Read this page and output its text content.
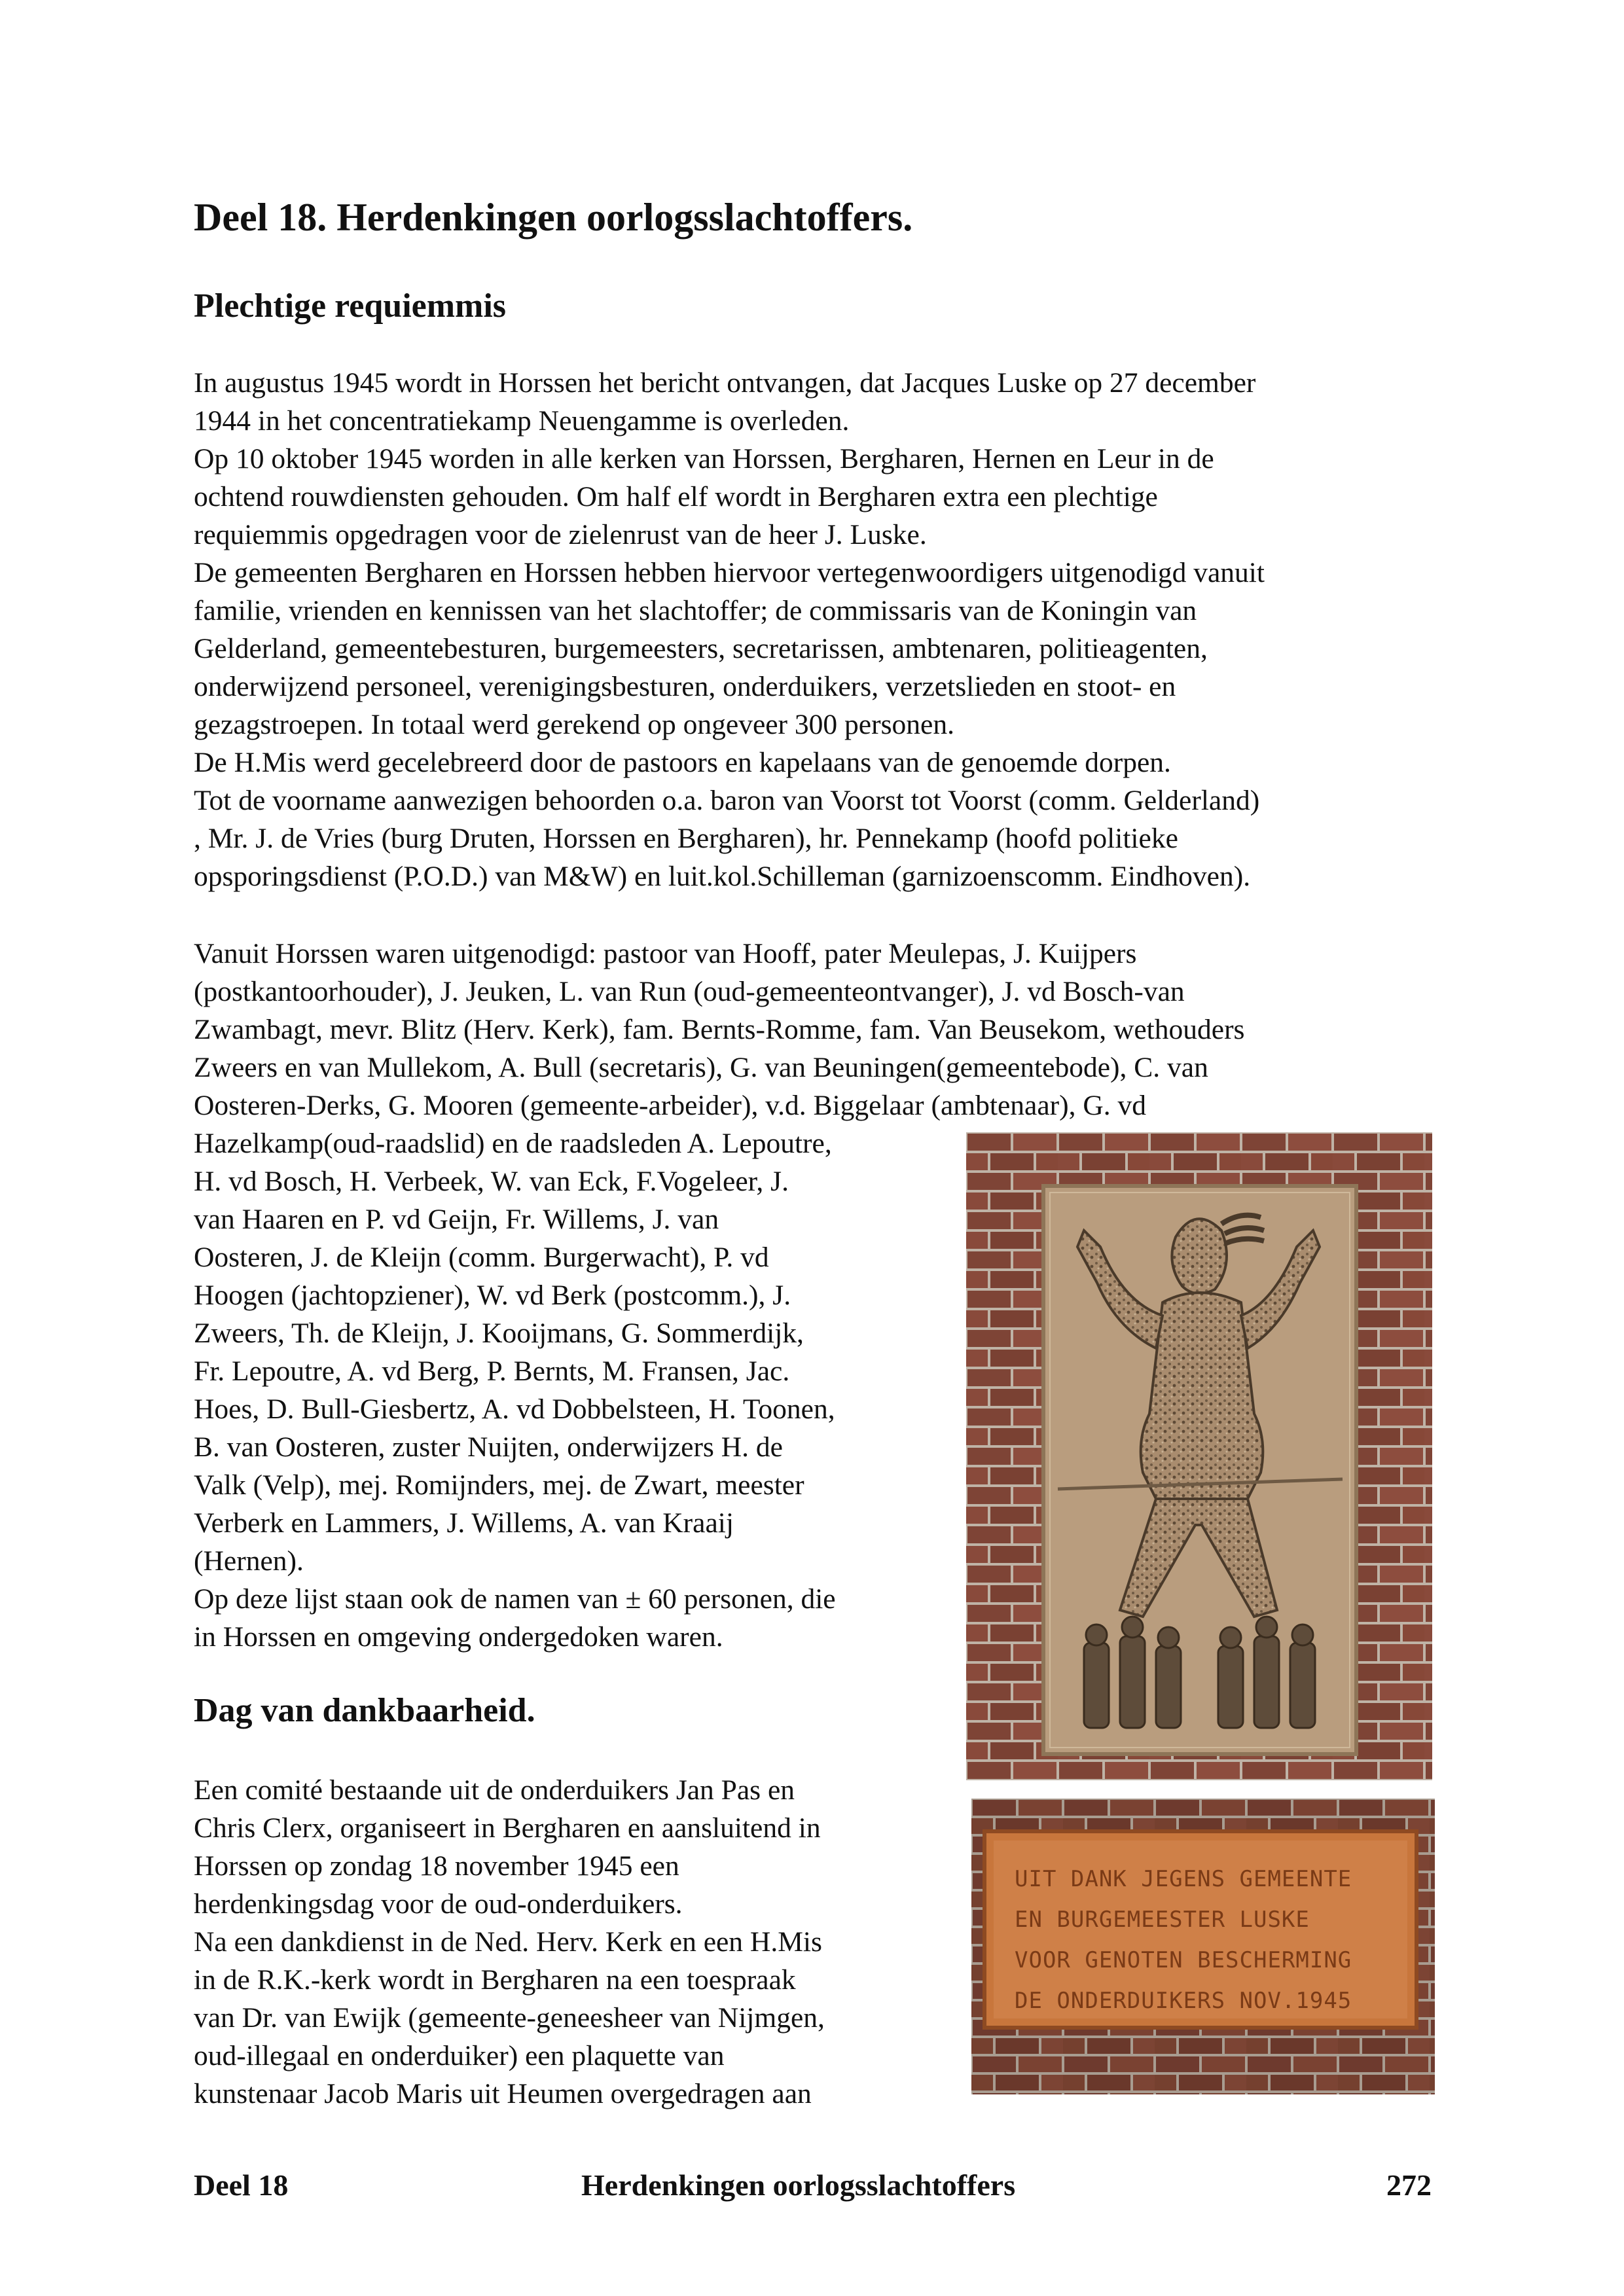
Deel 18. Herdenkingen oorlogsslachtoffers.
Plechtige requiemmis
In augustus 1945 wordt in Horssen het bericht ontvangen, dat Jacques Luske op 27 december
1944 in het concentratiekamp Neuengamme is overleden.
Op 10 oktober 1945 worden in alle kerken van Horssen, Bergharen, Hernen en Leur in de
ochtend rouwdiensten gehouden. Om half elf wordt in Bergharen extra een plechtige
requiemmis opgedragen voor de zielenrust van de heer J. Luske.
De gemeenten Bergharen en Horssen hebben hiervoor vertegenwoordigers uitgenodigd vanuit
familie, vrienden en kennissen van het slachtoffer; de commissaris van de Koningin van
Gelderland, gemeentebesturen, burgemeesters, secretarissen, ambtenaren, politieagenten,
onderwijzend personeel, verenigingsbesturen, onderduikers, verzetslieden en stoot- en
gezagstroepen. In totaal werd gerekend op ongeveer 300 personen.
De H.Mis werd gecelebreerd door de pastoors en kapelaans van de genoemde dorpen.
Tot de voorname aanwezigen behoorden o.a. baron van Voorst tot Voorst (comm. Gelderland)
, Mr. J. de Vries (burg Druten, Horssen en Bergharen), hr. Pennekamp (hoofd politieke
opsporingsdienst (P.O.D.) van M&W) en luit.kol.Schilleman (garnizoenscomm. Eindhoven).
Vanuit Horssen waren uitgenodigd: pastoor van Hooff, pater Meulepas, J. Kuijpers
(postkantoorhouder), J. Jeuken, L. van Run (oud-gemeenteontvanger), J. vd Bosch-van
Zwambagt, mevr. Blitz (Herv. Kerk), fam. Bernts-Romme, fam. Van Beusekom, wethouders
Zweers en van Mullekom, A. Bull (secretaris), G. van Beuningen(gemeentebode), C. van
Oosteren-Derks, G. Mooren (gemeente-arbeider), v.d. Biggelaar (ambtenaar), G. vd
Hazelkamp(oud-raadslid) en de raadsleden A. Lepoutre,
H. vd Bosch, H. Verbeek, W. van Eck, F.Vogeleer, J.
van Haaren en P. vd Geijn, Fr. Willems, J. van
Oosteren, J. de Kleijn (comm. Burgerwacht), P. vd
Hoogen (jachtopziener), W. vd Berk (postcomm.), J.
Zweers, Th. de Kleijn, J. Kooijmans, G. Sommerdijk,
Fr. Lepoutre, A. vd Berg, P. Bernts, M. Fransen, Jac.
Hoes, D. Bull-Giesbertz, A. vd Dobbelsteen, H. Toonen,
B. van Oosteren, zuster Nuijten, onderwijzers H. de
Valk (Velp), mej. Romijnders, mej. de Zwart, meester
Verberk en Lammers, J. Willems, A. van Kraaij
(Hernen).
Op deze lijst staan ook de namen van ± 60 personen, die
in Horssen en omgeving ondergedoken waren.
Dag van dankbaarheid.
Een comité bestaande uit de onderduikers Jan Pas en
Chris Clerx, organiseert in Bergharen en aansluitend in
Horssen op zondag 18 november 1945 een
herdenkingsdag voor de oud-onderduikers.
Na een dankdienst in de Ned. Herv. Kerk en een H.Mis
in de R.K.-kerk wordt in Bergharen na een toespraak
van Dr. van Ewijk (gemeente-geneesheer van Nijmgen,
oud-illegaal en onderduiker) een plaquette van
kunstenaar Jacob Maris uit Heumen overgedragen aan
UIT DANK JEGENS GEMEENTE
EN BURGEMEESTER LUSKE
VOOR GENOTEN BESCHERMING
DE ONDERDUIKERS NOV.1945
Deel 18	Herdenkingen oorlogsslachtoffers	272
